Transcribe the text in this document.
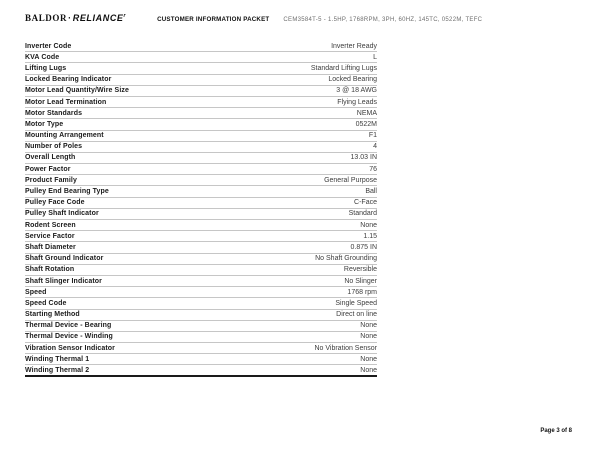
$BALDOR\cdot RELIANCE^r$	CUSTOMER INFORMATION PACKET CEM3584T-5 - 1.5HP, 1768RPM, 3PH, 60HZ, 145TC, 0522M, TEFC
Inverter Code	Inverter Ready
KVA Code	L
Lifting Lugs	Standard Lifting Lugs
Locked Bearing Indicator	Locked Bearing
Motor Lead Quantity/Wire Size	3 @ 18 AWG
Motor Lead Termination	Flying Leads
Motor Standards	NEMA
Motor Type	0522M
Mounting Arrangement	F1
Number of Poles	4
Overall Length	13.03 IN
Power Factor	76
Product Family	General Purpose
Pulley End Bearing Type	Ball
Pulley Face Code	C-Face
Pulley Shaft Indicator	Standard
Rodent Screen	None
Service Factor	1.15
Shaft Diameter	0.875 IN
Shaft Ground Indicator	No Shaft Grounding
Shaft Rotation	Reversible
Shaft Slinger Indicator	No Slinger
Speed	1768 rpm
Speed Code	Single Speed
Starting Method	Direct on line
Thermal Device - Bearing	None
Thermal Device - Winding	None
Vibration Sensor Indicator	No Vibration Sensor
Winding Thermal 1	None
Winding Thermal 2	None
Page 3 of 8
